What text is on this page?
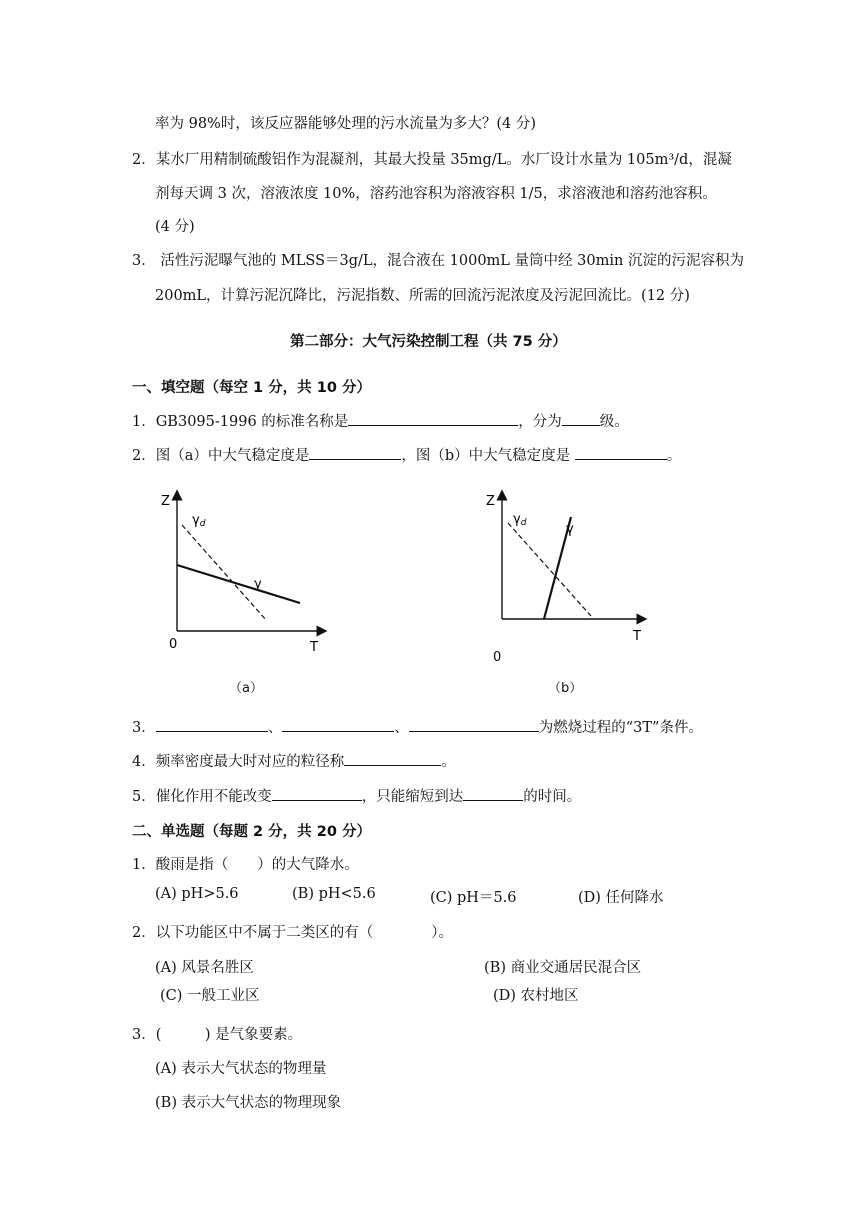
率为 98%时，该反应器能够处理的污水流量为多大？(4 分)
2．某水厂用精制硫酸铝作为混凝剂，其最大投量 35mg/L。水厂设计水量为 105m³/d，混凝
剂每天调 3 次，溶液浓度 10%，溶药池容积为溶液容积 1/5，求溶液池和溶药池容积。
(4 分)
3． 活性污泥曝气池的 MLSS＝3g/L，混合液在 1000mL 量筒中经 30min 沉淀的污泥容积为
200mL，计算污泥沉降比，污泥指数、所需的回流污泥浓度及污泥回流比。(12 分)
第二部分：大气污染控制工程（共 75 分）
一、填空题（每空 1 分，共 10 分）
1．GB3095-1996 的标准名称是	，分为	级。
2．图（a）中大气稳定度是	，图（b）中大气稳定度是	。
Z
T
0
γd
γ
（a）
Z
T
0
γd	γ
（b）
3．	、	、	为燃烧过程的“3T”条件。
4．频率密度最大时对应的粒径称	。
5．催化作用不能改变	，只能缩短到达	的时间。
二、单选题（每题 2 分，共 20 分）
1．酸雨是指（　　）的大气降水。
(A) pH>5.6	(B) pH<5.6	(C) pH＝5.6	(D) 任何降水
2．以下功能区中不属于二类区的有（　　　　）。
(A) 风景名胜区	(B) 商业交通居民混合区
(C) 一般工业区	(D) 农村地区
3．(　　　) 是气象要素。
(A) 表示大气状态的物理量
(B) 表示大气状态的物理现象
